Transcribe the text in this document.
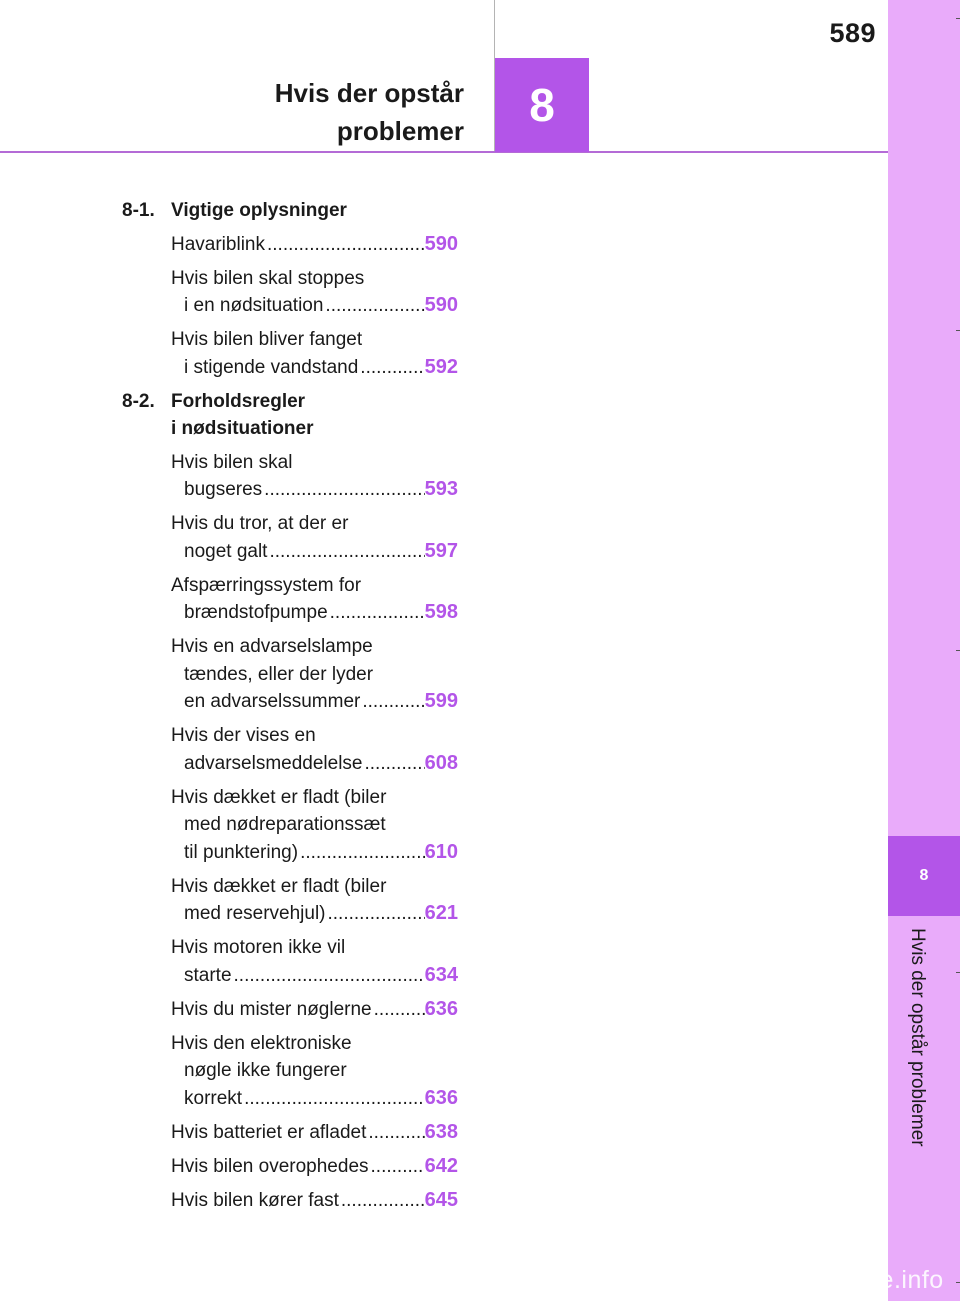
589
Hvis der opstår
problemer	8
8
Hvis der opstår problemer
8-1. Vigtige oplysninger
Havariblink .....	590
Hvis bilen skal stoppes
i en nødsituation .....	590
Hvis bilen bliver fanget
i stigende vandstand .....	592
8-2. Forholdsregler
i nødsituationer
Hvis bilen skal
bugseres .....	593
Hvis du tror, at der er
noget galt .....	597
Afspærringssystem for
brændstofpumpe .....	598
Hvis en advarselslampe
tændes, eller der lyder
en advarselssummer .....	599
Hvis der vises en
advarselsmeddelelse .....	608
Hvis dækket er fladt (biler
med nødreparationssæt
til punktering) .....	610
Hvis dækket er fladt (biler
med reservehjul) .....	621
Hvis motoren ikke vil
starte .....	634
Hvis du mister nøglerne .....	636
Hvis den elektroniske
nøgle ikke fungerer
korrekt .....	636
Hvis batteriet er afladet .....	638
Hvis bilen overophedes .....	642
Hvis bilen kører fast .....	645
carmanualsonline.info
